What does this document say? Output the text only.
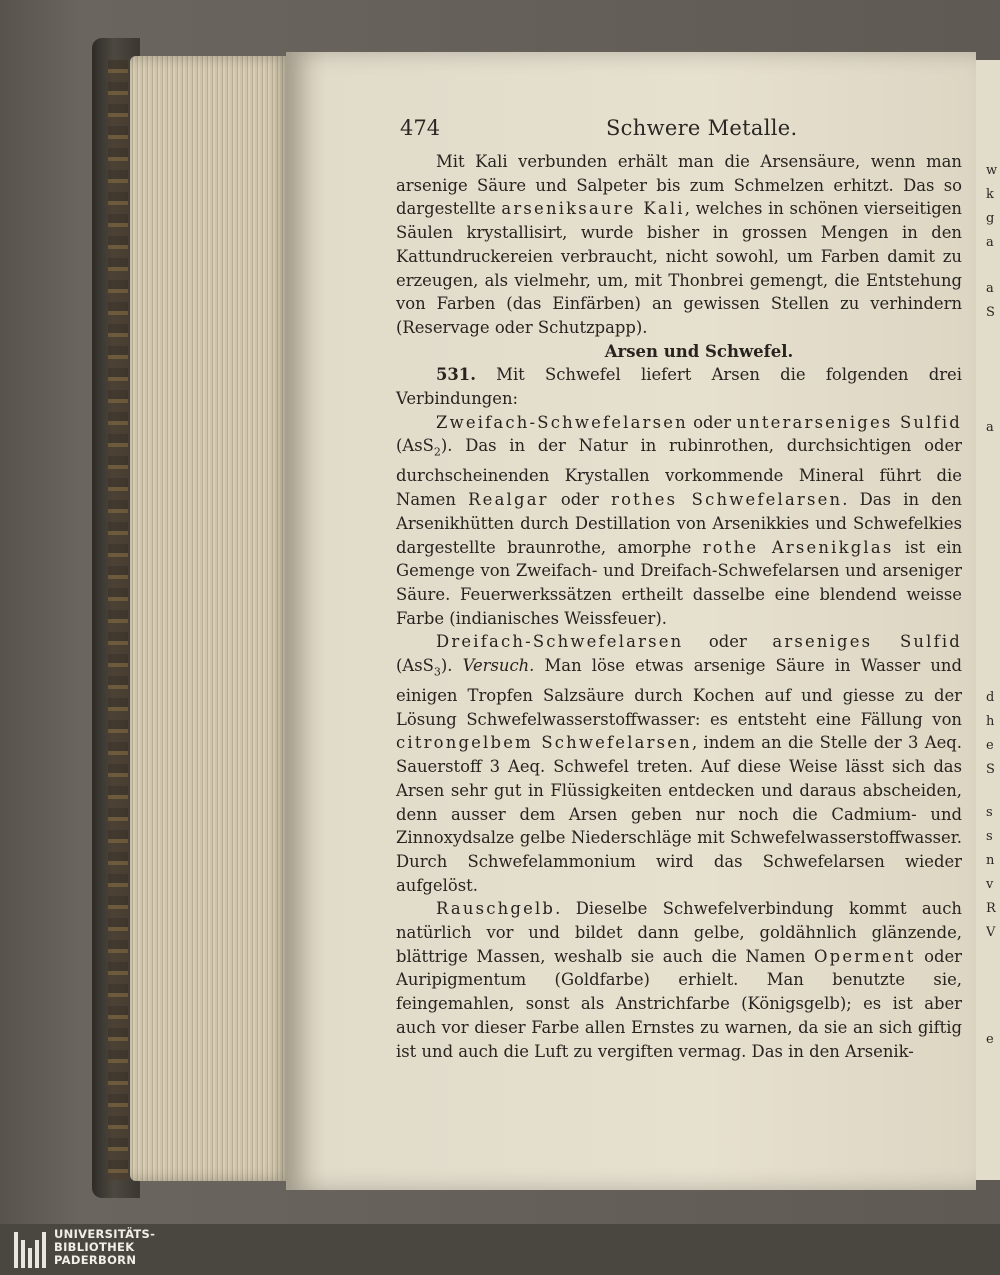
w
k
g
a
a
S
a
d
h
e
S
s
s
n
v
R
V
e
474	Schwere Metalle.

Mit Kali verbunden erhält man die Arsensäure, wenn man arsenige Säure und Salpeter bis zum Schmelzen erhitzt. Das so dargestellte arseniksaure Kali, welches in schönen vierseitigen Säulen krystallisirt, wurde bisher in grossen Mengen in den Kattundruckereien verbraucht, nicht sowohl, um Farben damit zu erzeugen, als vielmehr, um, mit Thonbrei gemengt, die Entstehung von Farben (das Einfärben) an gewissen Stellen zu verhindern (Reservage oder Schutzpapp).

Arsen und Schwefel.

531. Mit Schwefel liefert Arsen die folgenden drei Verbindungen:

Zweifach-Schwefelarsen oder unterarseniges Sulfid (AsS$_2$). Das in der Natur in rubinrothen, durchsichtigen oder durchscheinenden Krystallen vorkommende Mineral führt die Namen Realgar oder rothes Schwefelarsen. Das in den Arsenikhütten durch Destillation von Arsenikkies und Schwefelkies dargestellte braunrothe, amorphe rothe Arsenikglas ist ein Gemenge von Zweifach- und Dreifach-Schwefelarsen und arseniger Säure. Feuerwerkssätzen ertheilt dasselbe eine blendend weisse Farbe (indianisches Weissfeuer).

Dreifach-Schwefelarsen oder arseniges Sulfid (AsS$_3$). Versuch. Man löse etwas arsenige Säure in Wasser und einigen Tropfen Salzsäure durch Kochen auf und giesse zu der Lösung Schwefelwasserstoffwasser: es entsteht eine Fällung von citrongelbem Schwefelarsen, indem an die Stelle der 3 Aeq. Sauerstoff 3 Aeq. Schwefel treten. Auf diese Weise lässt sich das Arsen sehr gut in Flüssigkeiten entdecken und daraus abscheiden, denn ausser dem Arsen geben nur noch die Cadmium- und Zinnoxydsalze gelbe Niederschläge mit Schwefelwasserstoffwasser. Durch Schwefelammonium wird das Schwefelarsen wieder aufgelöst.

Rauschgelb. Dieselbe Schwefelverbindung kommt auch natürlich vor und bildet dann gelbe, goldähnlich glänzende, blättrige Massen, weshalb sie auch die Namen Operment oder Auripigmentum (Goldfarbe) erhielt. Man benutzte sie, feingemahlen, sonst als Anstrichfarbe (Königsgelb); es ist aber auch vor dieser Farbe allen Ernstes zu warnen, da sie an sich giftig ist und auch die Luft zu vergiften vermag. Das in den Arsenik-

UNIVERSITÄTS-
BIBLIOTHEK
PADERBORN
